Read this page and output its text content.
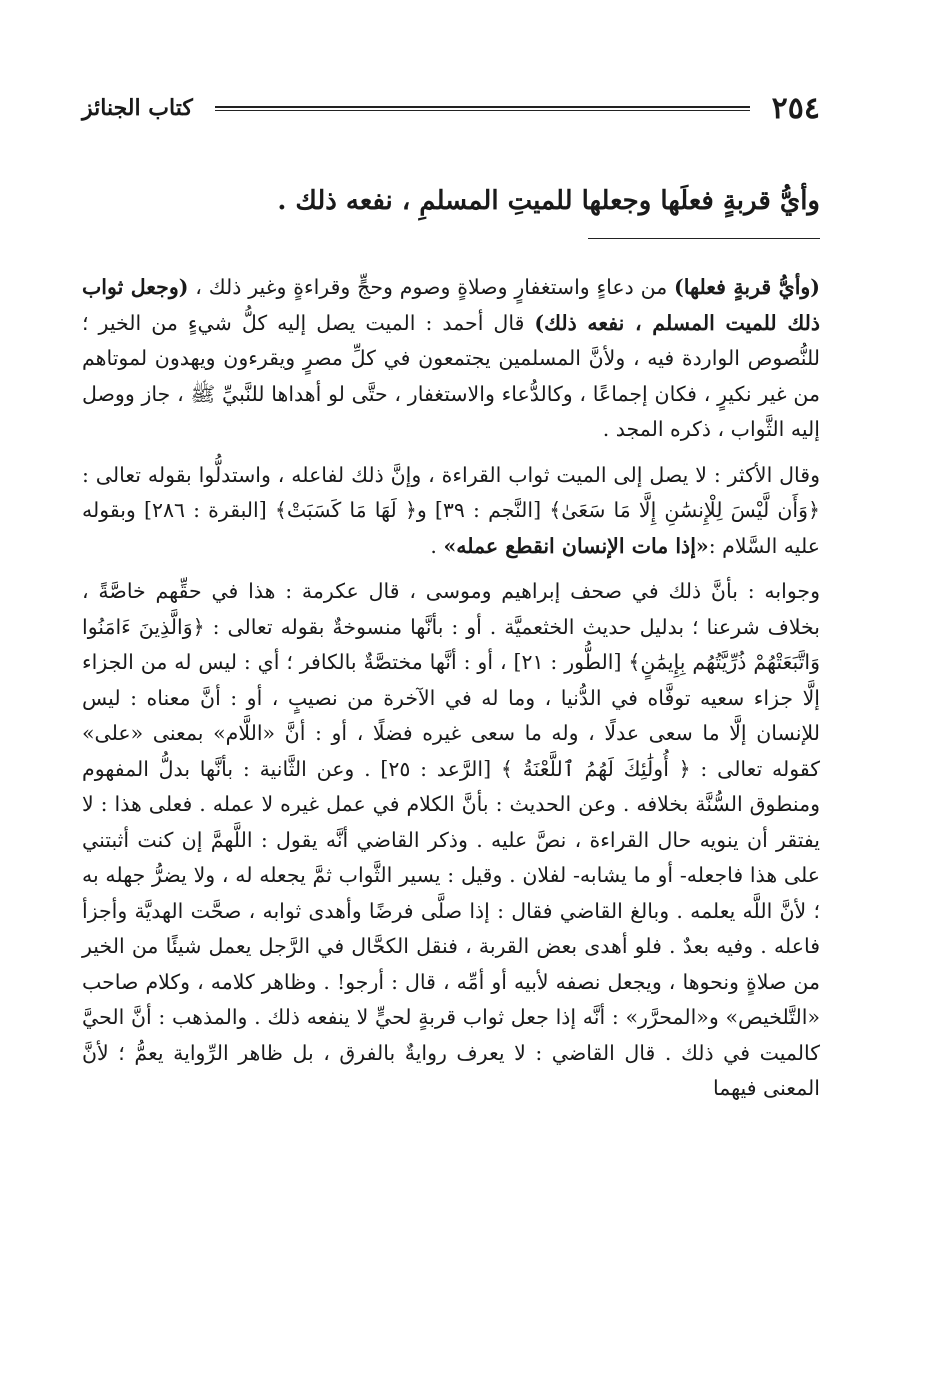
٢٥٤
كتاب الجنائز
وأيُّ قربةٍ فعلَها وجعلها للميتِ المسلمِ ، نفعه ذلك .

(وأيُّ قربةٍ فعلها) من دعاءٍ واستغفارٍ وصلاةٍ وصوم وحجٍّ وقراءةٍ وغير ذلك ، (وجعل ثواب ذلك للميت المسلم ، نفعه ذلك) قال أحمد : الميت يصل إليه كلُّ شيءٍ من الخير ؛ للنُّصوص الواردة فيه ، ولأنَّ المسلمين يجتمعون في كلِّ مصرٍ ويقرءون ويهدون لموتاهم من غير نكيرٍ ، فكان إجماعًا ، وكالدُّعاء والاستغفار ، حتَّى لو أهداها للنَّبيِّ ﷺ ، جاز ووصل إليه الثَّواب ، ذكره المجد .

وقال الأكثر : لا يصل إلى الميت ثواب القراءة ، وإنَّ ذلك لفاعله ، واستدلُّوا بقوله تعالى : ﴿وَأَن لَّيْسَ لِلْإِنسَٰنِ إِلَّا مَا سَعَىٰ﴾ [النَّجم : ٣٩] و﴿ لَهَا مَا كَسَبَتْ﴾ [البقرة : ٢٨٦] وبقوله عليه السَّلام :«إذا مات الإنسان انقطع عمله» .

وجوابه : بأنَّ ذلك في صحف إبراهيم وموسى ، قال عكرمة : هذا في حقِّهم خاصَّةً ، بخلاف شرعنا ؛ بدليل حديث الخثعميَّة . أو : بأنَّها منسوخةٌ بقوله تعالى : ﴿وَالَّذِينَ ءَامَنُوا وَاتَّبَعَتْهُمْ ذُرِّيَّتُهُم بِإِيمَٰنٍ﴾ [الطُّور : ٢١] ، أو : أنَّها مختصَّةٌ بالكافر ؛ أي : ليس له من الجزاء إلَّا جزاء سعيه توفَّاه في الدُّنيا ، وما له في الآخرة من نصيبٍ ، أو : أنَّ معناه : ليس للإنسان إلَّا ما سعى عدلًا ، وله ما سعى غيره فضلًا ، أو : أنَّ «اللَّام» بمعنى «على» كقوله تعالى : ﴿ أُولَٰئِكَ لَهُمُ ٱللَّعْنَةُ ﴾ [الرَّعد : ٢٥] . وعن الثَّانية : بأنَّها بدلُّ المفهوم ومنطوق السُّنَّة بخلافه . وعن الحديث : بأنَّ الكلام في عمل غيره لا عمله . فعلى هذا : لا يفتقر أن ينويه حال القراءة ، نصَّ عليه . وذكر القاضي أنَّه يقول : اللَّهمَّ إن كنت أثبتني على هذا فاجعله- أو ما يشابه- لفلان . وقيل : يسير الثَّواب ثمَّ يجعله له ، ولا يضرُّ جهله به ؛ لأنَّ اللَّه يعلمه . وبالغ القاضي فقال : إذا صلَّى فرضًا وأهدى ثوابه ، صحَّت الهديَّة وأجزأ فاعله . وفيه بعدٌ . فلو أهدى بعض القربة ، فنقل الكحَّال في الرَّجل يعمل شيئًا من الخير من صلاةٍ ونحوها ، ويجعل نصفه لأبيه أو أمِّه ، قال : أرجو! . وظاهر كلامه ، وكلام صاحب «التَّلخيص» و«المحرَّر» : أنَّه إذا جعل ثواب قربةٍ لحيٍّ لا ينفعه ذلك . والمذهب : أنَّ الحيَّ كالميت في ذلك . قال القاضي : لا يعرف روايةٌ بالفرق ، بل ظاهر الرِّواية يعمُّ ؛ لأنَّ المعنى فيهما
